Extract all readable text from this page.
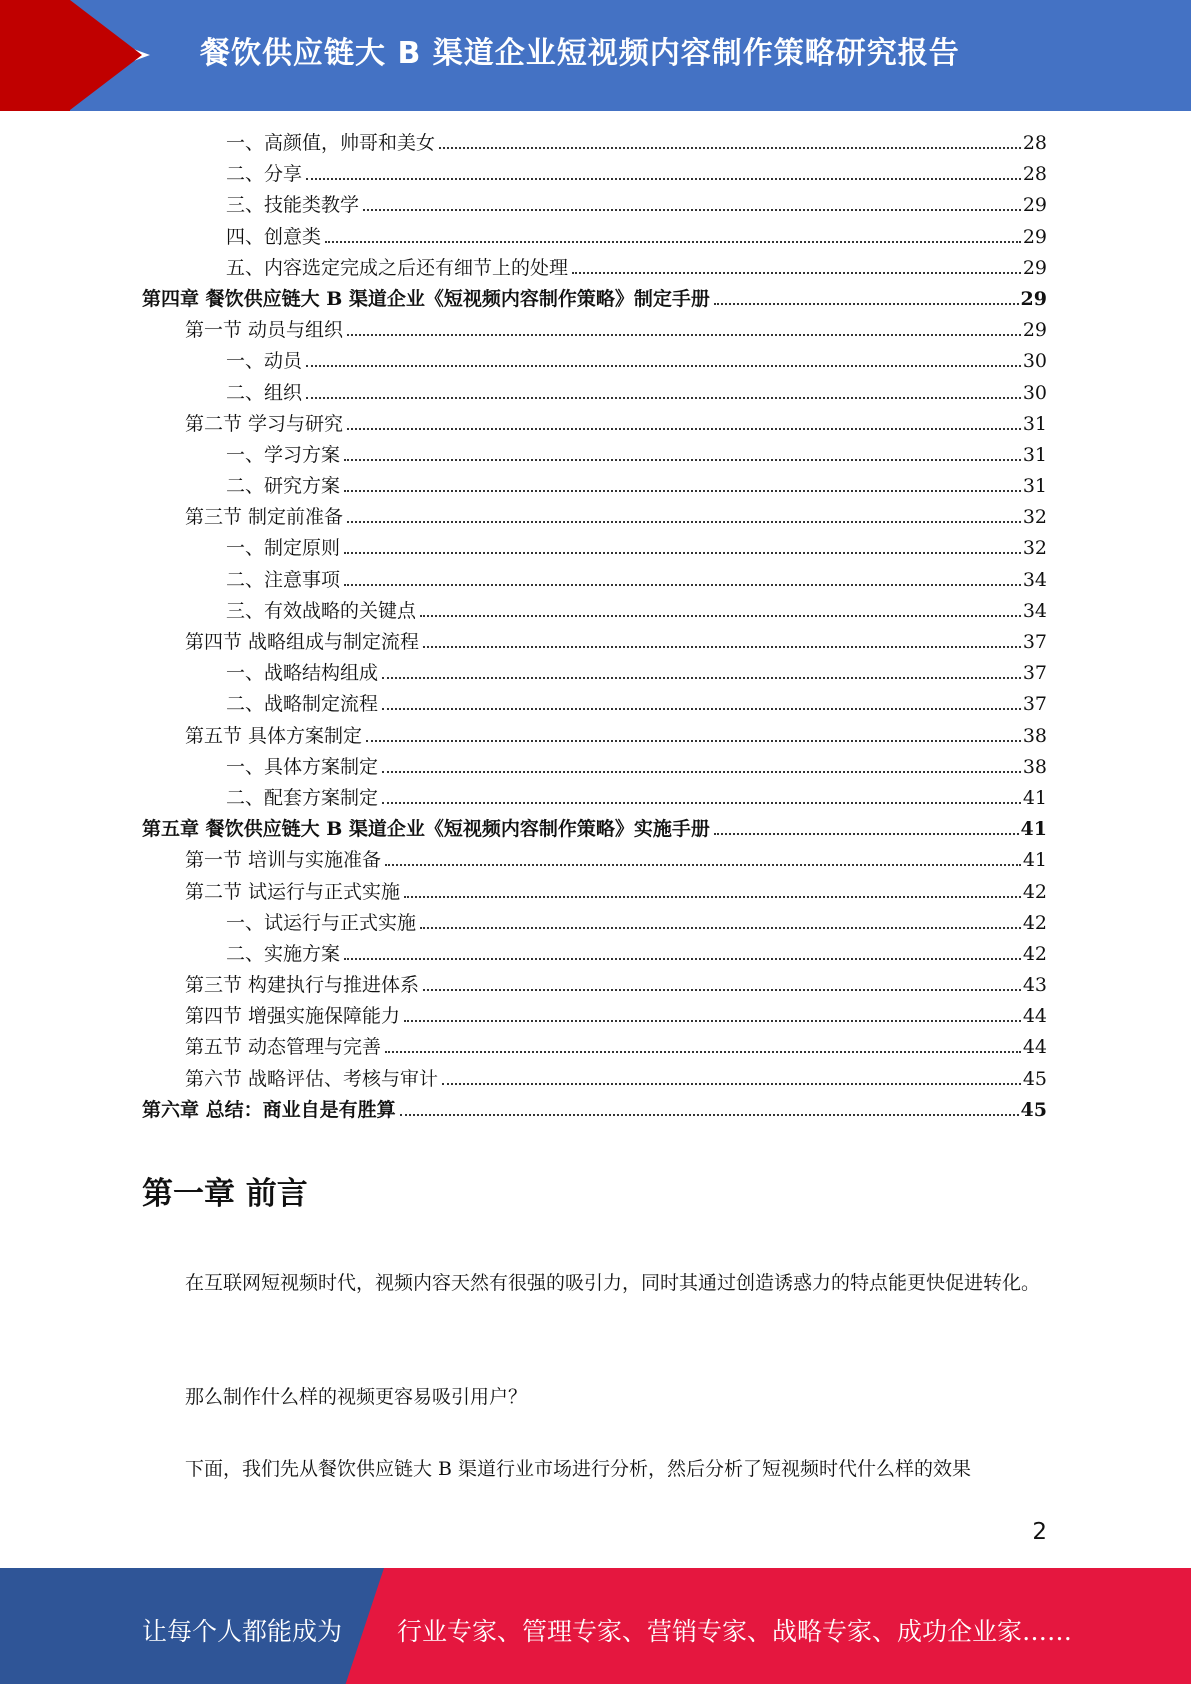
餐饮供应链大 B 渠道企业短视频内容制作策略研究报告
一、高颜值，帅哥和美女	28
二、分享	28
三、技能类教学	29
四、创意类	29
五、内容选定完成之后还有细节上的处理	29
第四章 餐饮供应链大 B 渠道企业《短视频内容制作策略》制定手册	29
第一节 动员与组织	29
一、动员	30
二、组织	30
第二节 学习与研究	31
一、学习方案	31
二、研究方案	31
第三节 制定前准备	32
一、制定原则	32
二、注意事项	34
三、有效战略的关键点	34
第四节 战略组成与制定流程	37
一、战略结构组成	37
二、战略制定流程	37
第五节 具体方案制定	38
一、具体方案制定	38
二、配套方案制定	41
第五章 餐饮供应链大 B 渠道企业《短视频内容制作策略》实施手册	41
第一节 培训与实施准备	41
第二节 试运行与正式实施	42
一、试运行与正式实施	42
二、实施方案	42
第三节 构建执行与推进体系	43
第四节 增强实施保障能力	44
第五节 动态管理与完善	44
第六节 战略评估、考核与审计	45
第六章 总结：商业自是有胜算	45
第一章 前言
在互联网短视频时代，视频内容天然有很强的吸引力，同时其通过创造诱惑力的特点能更快促进转化。
那么制作什么样的视频更容易吸引用户？
下面，我们先从餐饮供应链大 B 渠道行业市场进行分析，然后分析了短视频时代什么样的效果
2
让每个人都能成为 行业专家、管理专家、营销专家、战略专家、成功企业家……
